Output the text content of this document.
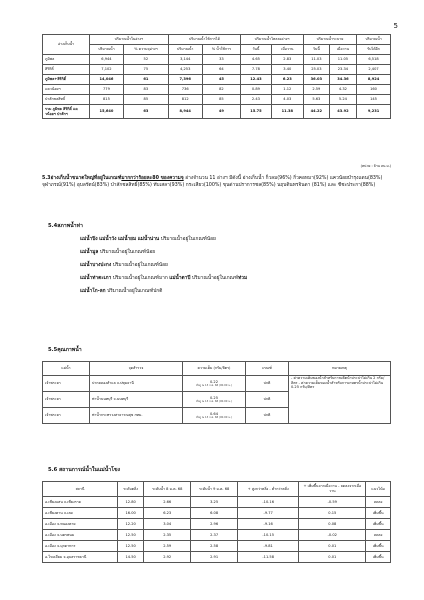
5
อ่างเก็บน้ำ	ปริมาณน้ำในอ่างฯ		ปริมาณน้ำใช้การได้		ปริมาณน้ำไหลลงอ่างฯ		ปริมาณน้ำระบาย		ปริมาณน้ำ
	ปริมาณน้ำ	% ความจุอ่างฯ	ปริมาณน้ำ	% น้ำใช้การ	วันนี้	เมื่อวาน	วันนี้	เมื่อวาน	รับได้อีก
ภูมิพล	6,944	52	3,144	33	4.65	2.83	11.03	11.05	6,518
สิริกิติ์	7,102	75	4,253	64	7.78	3.40	25.03	23.34	2,407
ภูมิพล+สิริกิติ์	14,046	61	7,396	45	12.43	6.23	36.03	34.36	8,924
แควน้อยฯ	779	83	736	82	0.89	1.12	2.59	4.32	160
ป่าสักชลสิทธิ์	815	85	812	85	2.43	4.03	5.63	5.24	145
รวม ภูมิพล สิริกิติ์ แควน้อยฯ ป่าสักฯ	15,640	63	8,944	49	15.75	11.38	44.22	43.92	9,231
(หน่วย : ล้าน ลบ.ม.)
5.3อ่างเก็บน้ำขนาดใหญ่ที่อยู่ในเกณฑ์มากกว่าร้อยละ80 ของความจุ อ่างจำนวน 11 อ่างฯ มีดังนี้ อ่างเก็บน้ำ ก็วลม(96%) กิ่วคอหมา(92%) แควน้อยบำรุงแดน(83%) จุฬาภรณ์(91%) อุบลรัตน์(83%) ป่าสักชลสิทธิ์(85%) ทับเสลา(93%) กระเสียว(100%) ขุนด่านปราการชล(85%) นฤบดินทรจินดา (81%) และ ชีชะประกา(88%)
5.4สภาพน้ำท่า
แม่น้ำปิง แม่น้ำวัง แม่น้ำยม แม่น้ำน่าน ปริมาณน้ำอยู่ในเกณฑ์น้อย
แม่น้ำมูล ปริมาณน้ำอยู่ในเกณฑ์น้อย
แม่น้ำบางปะกง ปริมาณน้ำอยู่ในเกณฑ์น้อย
แม่น้ำท่าตะเภา ปริมาณน้ำอยู่ในเกณฑ์มาก แม่น้ำตาปี ปริมาณน้ำอยู่ในเกณฑ์ท่วม
แม่น้ำโก-ลก ปริมาณน้ำอยู่ในเกณฑ์ปกติ
5.5คุณภาพน้ำ
แม่น้ำ	จุดสำรวจ	ความเค็ม (กรัม/ลิตร)	เกณฑ์	หมายเหตุ
เจ้าพระยา	ปากคลองสำแล จ.ปทุมธานี	0.22
ที่อยู่ ณ 13 ก.ค. 68 (00.00 น.)	ปกติ	- ค่าความเค็มของน้ำสำหรับการผลิตน้ำประปาไม่เกิน 2 กรัม/ลิตร - ค่าความเค็มของน้ำสำหรับการเกษตรน้ำประปาไม่เกิน 0.25 กรัม/ลิตร
เจ้าพระยา	ท่าน้ำนนทบุรี จ.นนทบุรี	0.25
ที่อยู่ ณ 13 ก.ค. 68 (00.00 น.)	ปกติ	
เจ้าพระยา	ท่าน้ำกระทรวงสาธารณสุข กทม.	0.64
ที่อยู่ ณ 13 ก.ค. 68 (00.00 น.)	ปกติ	
5.6 สถานการณ์น้ำในแม่น้ำโขง
สถานี	ระดับตลิ่ง	ระดับน้ำ 8 ม.ค. 68	ระดับน้ำ 9 ม.ค. 68	+ สูงกว่าตลิ่ง - ต่ำกว่าตลิ่ง	+ เพิ่มขึ้นจากเมื่อวาน - ลดลงจากเมื่อวาน	แนวโน้ม
อ.เชียงแสน จ.เชียงราย	12.80	2.66	3.25	-10.16	-0.59	ลดลง
อ.เชียงคาน จ.เลย	16.00	6.23	6.08	-9.77	0.15	เพิ่มขึ้น
อ.เมือง จ.หนองคาย	12.20	3.04	2.96	-9.16	0.08	เพิ่มขึ้น
อ.เมือง จ.นครพนม	12.50	2.35	2.37	-10.15	-0.02	ลดลง
อ.เมือง จ.มุกดาหาร	12.50	2.59	2.58	-9.81	0.01	เพิ่มขึ้น
อ.โขงเจียม จ.อุบลราชธานี	14.50	2.92	2.91	-11.58	0.01	เพิ่มขึ้น
